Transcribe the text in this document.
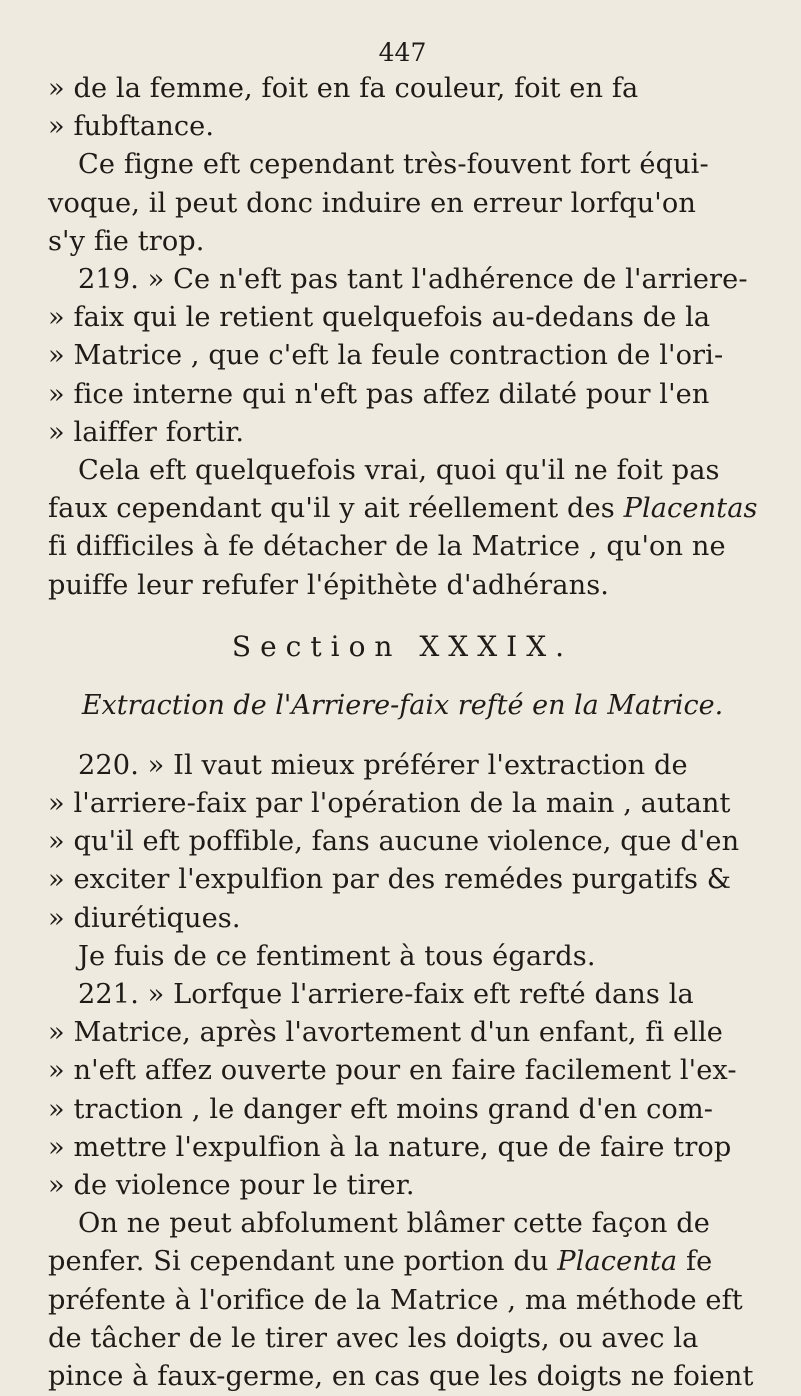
447

» de la femme, foit en fa couleur, foit en fa

» fubftance.

Ce figne eft cependant très-fouvent fort équi-

voque, il peut donc induire en erreur lorfqu'on

s'y fie trop.

219. » Ce n'eft pas tant l'adhérence de l'arriere-

» faix qui le retient quelquefois au-dedans de la

» Matrice , que c'eft la feule contraction de l'ori-

» fice interne qui n'eft pas affez dilaté pour l'en

» laiffer fortir.

Cela eft quelquefois vrai, quoi qu'il ne foit pas

faux cependant qu'il y ait réellement des Placentas

fi difficiles à fe détacher de la Matrice , qu'on ne

puiffe leur refufer l'épithète d'adhérans.

Section XXXIX.
Extraction de l'Arriere-faix refté en la Matrice.

220. » Il vaut mieux préférer l'extraction de

» l'arriere-faix par l'opération de la main , autant

» qu'il eft poffible, fans aucune violence, que d'en

» exciter l'expulfion par des remédes purgatifs &

» diurétiques.

Je fuis de ce fentiment à tous égards.

221. » Lorfque l'arriere-faix eft refté dans la

» Matrice, après l'avortement d'un enfant, fi elle

» n'eft affez ouverte pour en faire facilement l'ex-

» traction , le danger eft moins grand d'en com-

» mettre l'expulfion à la nature, que de faire trop

» de violence pour le tirer.

On ne peut abfolument blâmer cette façon de

penfer. Si cependant une portion du Placenta fe

préfente à l'orifice de la Matrice , ma méthode eft

de tâcher de le tirer avec les doigts, ou avec la

pince à faux-germe, en cas que les doigts ne foient
